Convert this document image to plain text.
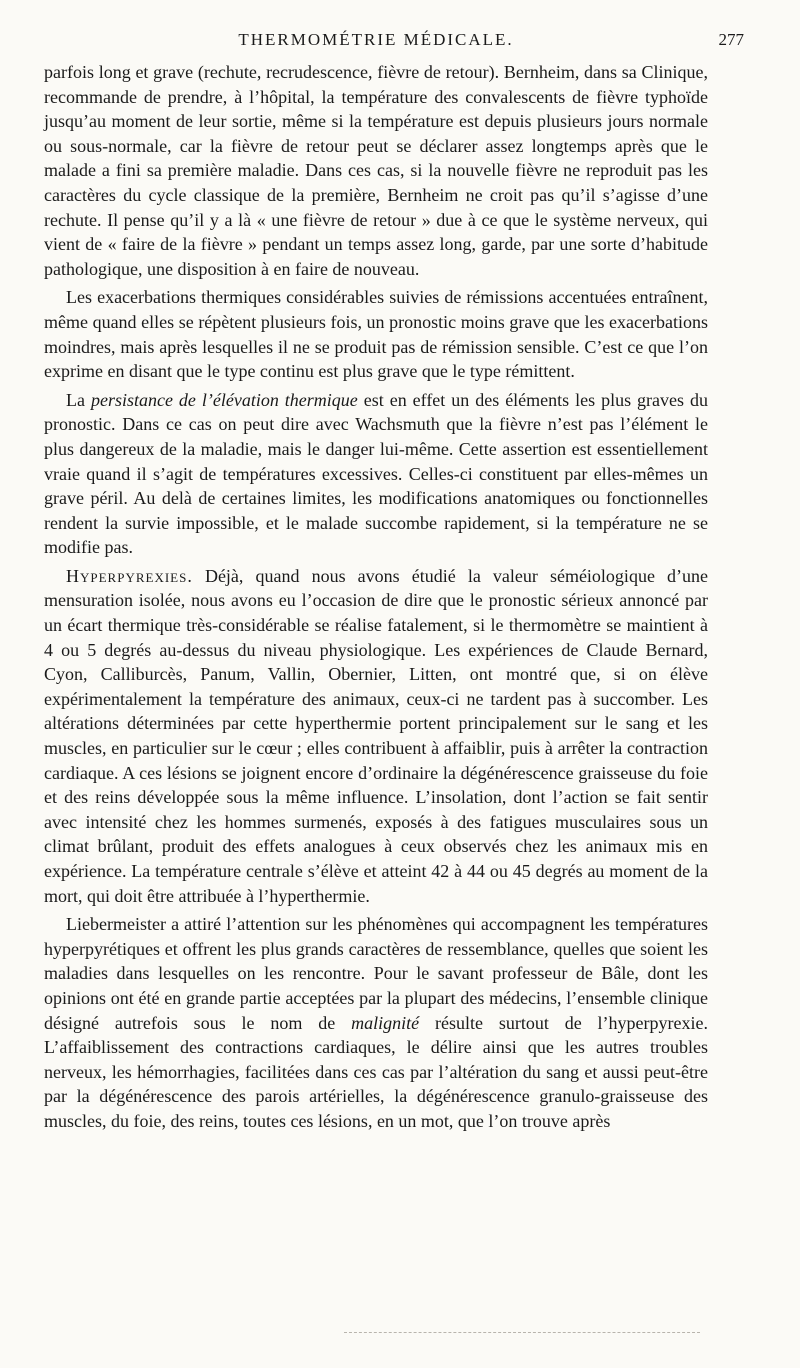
THERMOMÉTRIE MÉDICALE.	277

parfois long et grave (rechute, recrudescence, fièvre de retour). Bernheim, dans sa Clinique, recommande de prendre, à l’hôpital, la température des convalescents de fièvre typhoïde jusqu’au moment de leur sortie, même si la température est depuis plusieurs jours normale ou sous-normale, car la fièvre de retour peut se déclarer assez longtemps après que le malade a fini sa première maladie. Dans ces cas, si la nouvelle fièvre ne reproduit pas les caractères du cycle classique de la première, Bernheim ne croit pas qu’il s’agisse d’une rechute. Il pense qu’il y a là « une fièvre de retour » due à ce que le système nerveux, qui vient de « faire de la fièvre » pendant un temps assez long, garde, par une sorte d’habitude pathologique, une disposition à en faire de nouveau.

Les exacerbations thermiques considérables suivies de rémissions accentuées entraînent, même quand elles se répètent plusieurs fois, un pronostic moins grave que les exacerbations moindres, mais après lesquelles il ne se produit pas de rémission sensible. C’est ce que l’on exprime en disant que le type continu est plus grave que le type rémittent.

La persistance de l’élévation thermique est en effet un des éléments les plus graves du pronostic. Dans ce cas on peut dire avec Wachsmuth que la fièvre n’est pas l’élément le plus dangereux de la maladie, mais le danger lui-même. Cette assertion est essentiellement vraie quand il s’agit de températures excessives. Celles-ci constituent par elles-mêmes un grave péril. Au delà de certaines limites, les modifications anatomiques ou fonctionnelles rendent la survie impossible, et le malade succombe rapidement, si la température ne se modifie pas.

Hyperpyrexies. Déjà, quand nous avons étudié la valeur séméiologique d’une mensuration isolée, nous avons eu l’occasion de dire que le pronostic sérieux annoncé par un écart thermique très-considérable se réalise fatalement, si le thermomètre se maintient à 4 ou 5 degrés au-dessus du niveau physiologique. Les expériences de Claude Bernard, Cyon, Calliburcès, Panum, Vallin, Obernier, Litten, ont montré que, si on élève expérimentalement la température des animaux, ceux-ci ne tardent pas à succomber. Les altérations déterminées par cette hyperthermie portent principalement sur le sang et les muscles, en particulier sur le cœur ; elles contribuent à affaiblir, puis à arrêter la contraction cardiaque. A ces lésions se joignent encore d’ordinaire la dégénérescence graisseuse du foie et des reins développée sous la même influence. L’insolation, dont l’action se fait sentir avec intensité chez les hommes surmenés, exposés à des fatigues musculaires sous un climat brûlant, produit des effets analogues à ceux observés chez les animaux mis en expérience. La température centrale s’élève et atteint 42 à 44 ou 45 degrés au moment de la mort, qui doit être attribuée à l’hyperthermie.

Liebermeister a attiré l’attention sur les phénomènes qui accompagnent les températures hyperpyrétiques et offrent les plus grands caractères de ressemblance, quelles que soient les maladies dans lesquelles on les rencontre. Pour le savant professeur de Bâle, dont les opinions ont été en grande partie acceptées par la plupart des médecins, l’ensemble clinique désigné autrefois sous le nom de malignité résulte surtout de l’hyperpyrexie. L’affaiblissement des contractions cardiaques, le délire ainsi que les autres troubles nerveux, les hémorrhagies, facilitées dans ces cas par l’altération du sang et aussi peut-être par la dégénérescence des parois artérielles, la dégénérescence granulo-graisseuse des muscles, du foie, des reins, toutes ces lésions, en un mot, que l’on trouve après
